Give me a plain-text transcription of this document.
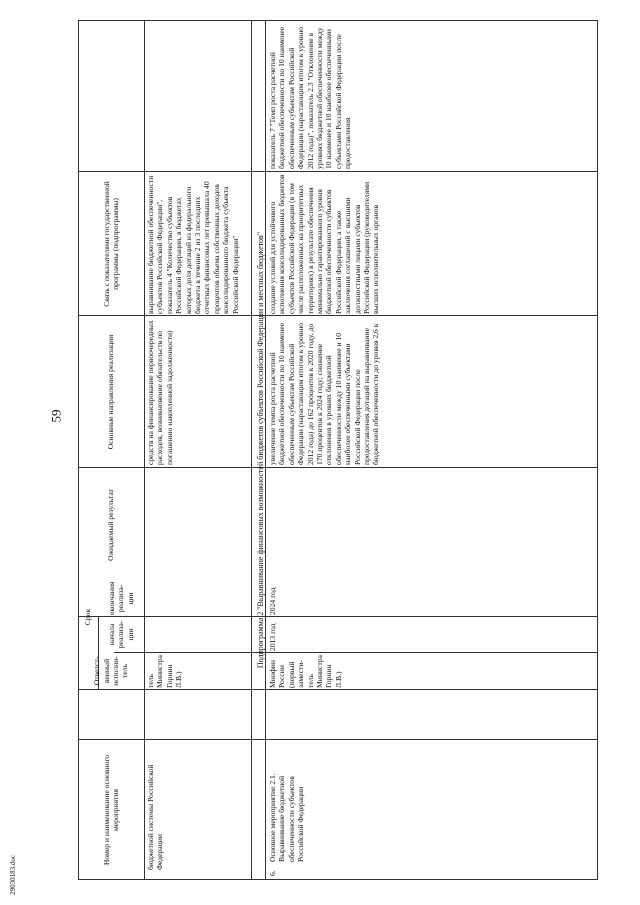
59
29030183.doc
Номер и наименование основного мероприятия
Ответст-венный исполни-тель
Срок
начала реализа-ции
окончания реализа-ции
Ожидаемый результат
Основные направления реализации
Связь с показателями государственной программы (подпрограммы)
бюджетной системы Российской Федерации
тель Министра Горнин Л.В.)
средств на финансирование первоочередных расходов, возникновение обязательств по погашению накопленной задолженности)
выравнивание бюджетной обеспеченности субъектов Российской Федерации", показатель 4 "Количество субъектов Российской Федерации, в бюджетах которых доля дотаций из федерального бюджета в течение 2 из 3 последних отчетных финансовых лет превышала 40 процентов объема собственных доходов консолидированного бюджета субъекта Российской Федерации"	Подпрограмма 2 "Выравнивание финансовых возможностей бюджетов субъектов Российской Федерации и местных бюджетов"
6.
Основное мероприятие 2.1. Выравнивание бюджетной обеспеченности субъектов Российской Федерации
Минфин России (первый замести-тель Министра Горнин Л.В.)
2013 год
2024 год
увеличение темпа роста расчетной бюджетной обеспеченности по 10 наименее обеспеченным субъектам Российской Федерации (нарастающим итогом к уровню 2012 года) до 162 процентов к 2020 году, до 170 процентов к 2024 году; снижение отклонения в уровнях бюджетной обеспеченности между 10 наименее и 10 наиболее обеспеченными субъектами Российской Федерации после предоставления дотаций на выравнивание бюджетной обеспеченности до уровня 2,6 к
создание условий для устойчивого исполнения консолидированных бюджетов субъектов Российской Федерации (в том числе расположенных на приоритетных территориях) в результате обеспечения минимально гарантированного уровня бюджетной обеспеченности субъектов Российской Федерации, а также заключения соглашений с высшими должностными лицами субъектов Российской Федерации (руководителями высших исполнительных органов
показатель 7 "Темп роста расчетной бюджетной обеспеченности по 10 наименее обеспеченным субъектам Российской Федерации (нарастающим итогом к уровню 2012 года)", показатель 2.3 "Отклонение в уровнях бюджетной обеспеченности между 10 наименее и 10 наиболее обеспеченными субъектами Российской Федерации после предоставления
